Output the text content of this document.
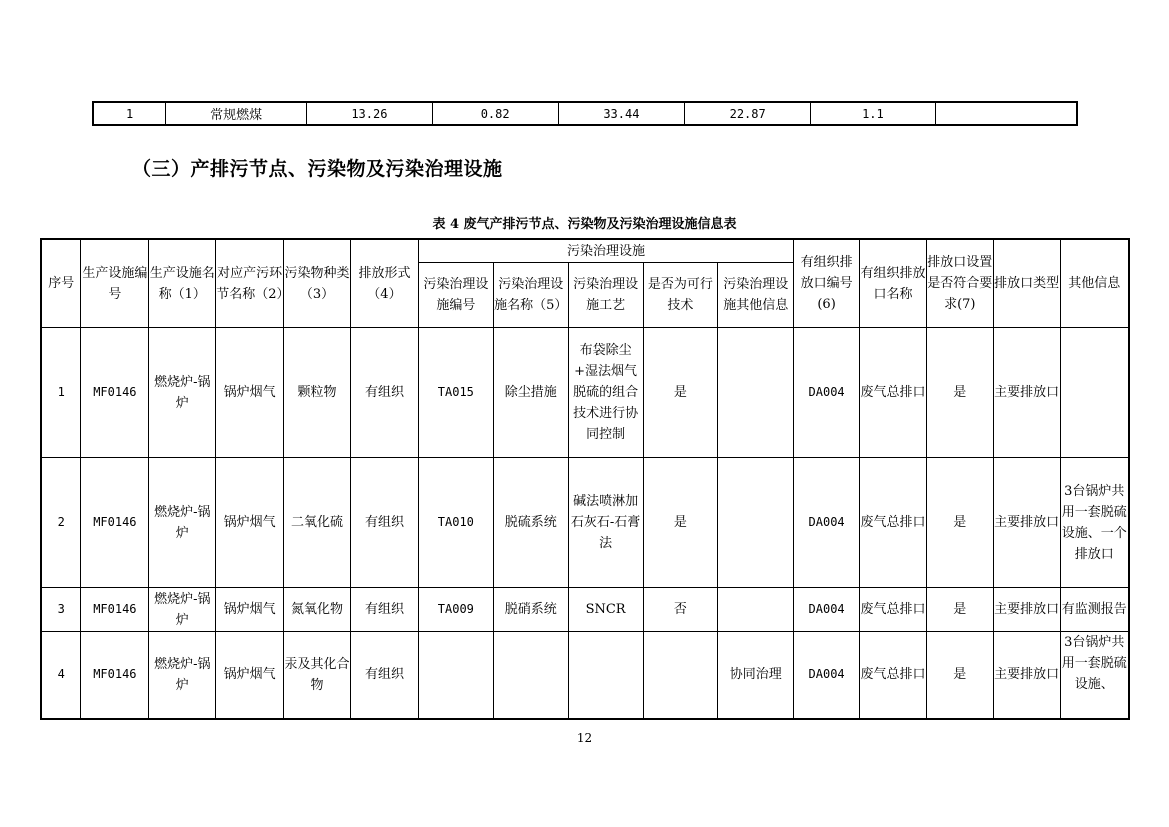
1	常规燃煤	13.26	0.82	33.44	22.87	1.1	
（三）产排污节点、污染物及污染治理设施
表 4 废气产排污节点、污染物及污染治理设施信息表
序号	生产设施编号	生产设施名称（1）	对应产污环节名称（2）	污染物种类（3）	排放形式（4）	污染治理设施					有组织排放口编号(6)	有组织排放口名称	排放口设置是否符合要求(7)	排放口类型	其他信息
						污染治理设施编号	污染治理设施名称（5）	污染治理设施工艺	是否为可行技术	污染治理设施其他信息					
1	MF0146	燃烧炉-锅炉	锅炉烟气	颗粒物	有组织	TA015	除尘措施	布袋除尘+湿法烟气脱硫的组合技术进行协同控制	是		DA004	废气总排口	是	主要排放口	
2	MF0146	燃烧炉-锅炉	锅炉烟气	二氧化硫	有组织	TA010	脱硫系统	碱法喷淋加石灰石-石膏法	是		DA004	废气总排口	是	主要排放口	3台锅炉共用一套脱硫设施、一个排放口
3	MF0146	燃烧炉-锅炉	锅炉烟气	氮氧化物	有组织	TA009	脱硝系统	SNCR	否		DA004	废气总排口	是	主要排放口	有监测报告
4	MF0146	燃烧炉-锅炉	锅炉烟气	汞及其化合物	有组织					协同治理	DA004	废气总排口	是	主要排放口	3台锅炉共用一套脱硫设施、
12
